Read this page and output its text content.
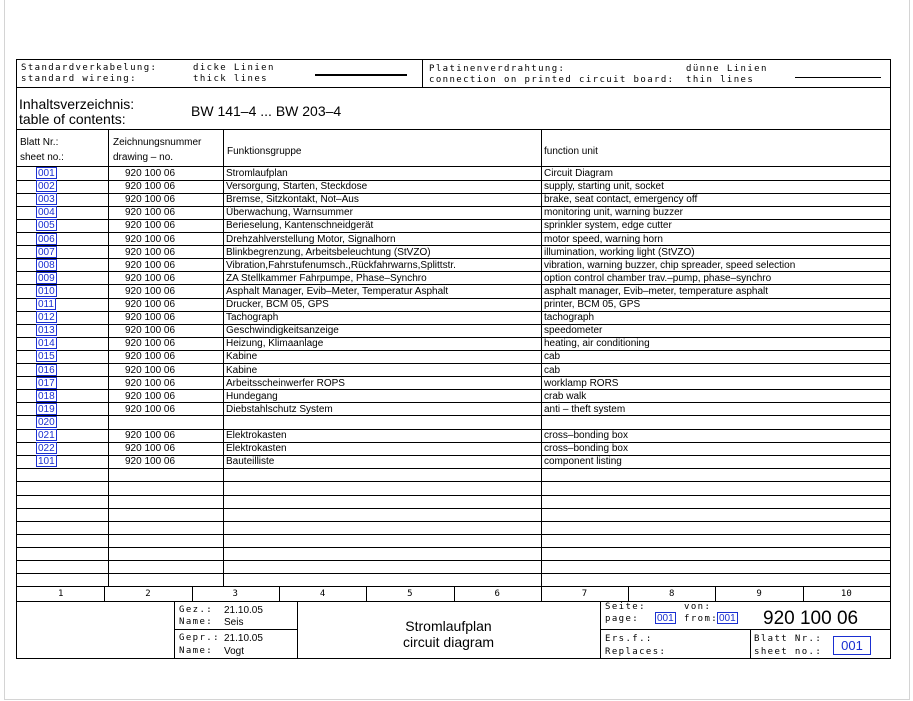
Standardverkabelung:
standard wireing:
dicke Linien
thick lines
Platinenverdrahtung:
connection on printed circuit board:
dünne Linien
thin lines
Inhaltsverzeichnis:
table of contents:	BW 141–4 ... BW 203–4
Blatt Nr.:
sheet no.:
Zeichnungsnummer
drawing – no.
Funktionsgruppe	function unit
001	920 100 06	Stromlaufplan	Circuit Diagram
002	920 100 06	Versorgung, Starten, Steckdose	supply, starting unit, socket
003	920 100 06	Bremse, Sitzkontakt, Not–Aus	brake, seat contact, emergency off
004	920 100 06	Überwachung, Warnsummer	monitoring unit, warning buzzer
005	920 100 06	Berieselung, Kantenschneidgerät	sprinkler system, edge cutter
006	920 100 06	Drehzahlverstellung Motor, Signalhorn	motor speed, warning horn
007	920 100 06	Blinkbegrenzung, Arbeitsbeleuchtung (StVZO)	illumination, working light (StVZO)
008	920 100 06	Vibration,Fahrstufenumsch.,Rückfahrwarns,Splittstr.	vibration, warning buzzer, chip spreader, speed selection
009	920 100 06	ZA Stellkammer Fahrpumpe, Phase–Synchro	option control chamber trav.–pump, phase–synchro
010	920 100 06	Asphalt Manager, Evib–Meter, Temperatur Asphalt	asphalt manager, Evib–meter, temperature asphalt
011	920 100 06	Drucker, BCM 05, GPS	printer, BCM 05, GPS
012	920 100 06	Tachograph	tachograph
013	920 100 06	Geschwindigkeitsanzeige	speedometer
014	920 100 06	Heizung, Klimaanlage	heating, air conditioning
015	920 100 06	Kabine	cab
016	920 100 06	Kabine	cab
017	920 100 06	Arbeitsscheinwerfer ROPS	worklamp RORS
018	920 100 06	Hundegang	crab walk
019	920 100 06	Diebstahlschutz System	anti – theft system
020
021	920 100 06	Elektrokasten	cross–bonding box
022	920 100 06	Elektrokasten	cross–bonding box
101	920 100 06	Bauteilliste	component listing
1	2	3	4	5	6	7	8	9	10
Gez.: 21.10.05
Name: Seis
Gepr.: 21.10.05
Name: Vogt
Stromlaufplan
circuit diagram
Seite:
page: 001
von:
from: 001 920 100 06
Ers.f.:
Replaces:
Blatt Nr.:
sheet no.:	001
